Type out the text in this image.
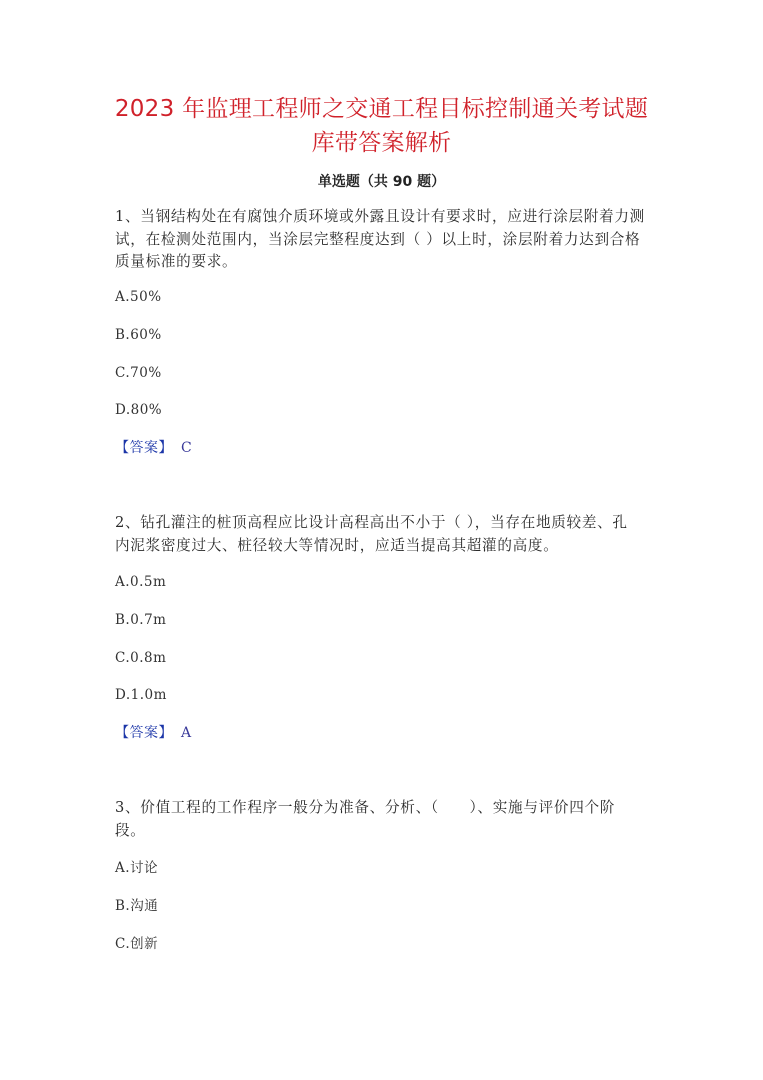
2023 年监理工程师之交通工程目标控制通关考试题
库带答案解析
单选题（共 90 题）

1、当钢结构处在有腐蚀介质环境或外露且设计有要求时，应进行涂层附着力测
试，在检测处范围内，当涂层完整程度达到（ ）以上时，涂层附着力达到合格
质量标准的要求。

A.50%
B.60%
C.70%
D.80%
【答案】 C

2、钻孔灌注的桩顶高程应比设计高程高出不小于（ ），当存在地质较差、孔
内泥浆密度过大、桩径较大等情况时，应适当提高其超灌的高度。

A.0.5m
B.0.7m
C.0.8m
D.1.0m
【答案】 A

3、价值工程的工作程序一般分为准备、分析、（　　）、实施与评价四个阶
段。

A.讨论
B.沟通
C.创新
